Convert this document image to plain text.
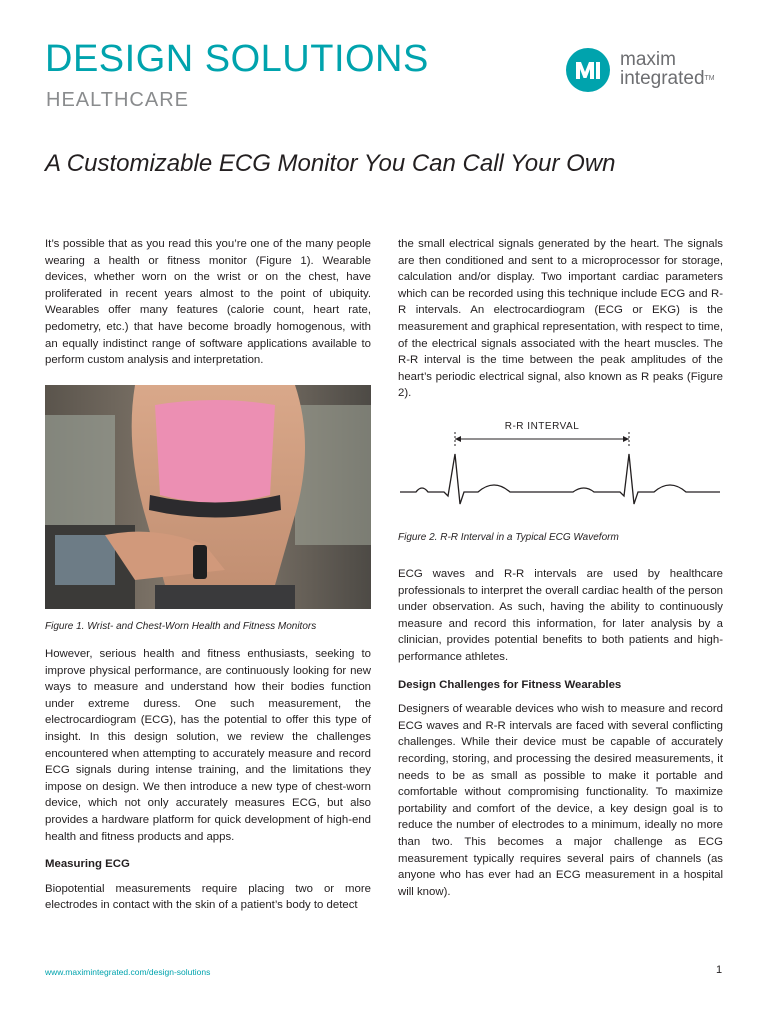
DESIGN SOLUTIONS
HEALTHCARE
maxim
integratedTM
A Customizable ECG Monitor You Can Call Your Own

It’s possible that as you read this you’re one of the many people wearing a health or fitness monitor (Figure 1). Wearable devices, whether worn on the wrist or on the chest, have proliferated in recent years almost to the point of ubiquity. Wearables offer many features (calorie count, heart rate, pedometry, etc.) that have become broadly homogenous, with an equally indistinct range of software applications available to perform custom analysis and interpretation.

Figure 1. Wrist- and Chest-Worn Health and Fitness Monitors

However, serious health and fitness enthusiasts, seeking to improve physical performance, are continuously looking for new ways to measure and understand how their bodies function under extreme duress. One such measurement, the electrocardiogram (ECG), has the potential to offer this type of insight. In this design solution, we review the challenges encountered when attempting to accurately measure and record ECG signals during intense training, and the limitations they impose on design. We then introduce a new type of chest-worn device, which not only accurately measures ECG, but also provides a hardware platform for quick development of high-end health and fitness products and apps.

Measuring ECG

Biopotential measurements require placing two or more electrodes in contact with the skin of a patient’s body to detect

the small electrical signals generated by the heart. The signals are then conditioned and sent to a microprocessor for storage, calculation and/or display. Two important cardiac parameters which can be recorded using this technique include ECG and R-R intervals. An electrocardiogram (ECG or EKG) is the measurement and graphical representation, with respect to time, of the electrical signals associated with the heart muscles. The R-R interval is the time between the peak amplitudes of the heart’s periodic electrical signal, also known as R peaks (Figure 2).

R-R INTERVAL
Figure 2. R-R Interval in a Typical ECG Waveform

ECG waves and R-R intervals are used by healthcare professionals to interpret the overall cardiac health of the person under observation. As such, having the ability to continuously measure and record this information, for later analysis by a clinician, provides potential benefits to both patients and high-performance athletes.

Design Challenges for Fitness Wearables

Designers of wearable devices who wish to measure and record ECG waves and R-R intervals are faced with several conflicting challenges. While their device must be capable of accurately recording, storing, and processing the desired measurements, it needs to be as small as possible to make it portable and comfortable without compromising functionality. To maximize portability and comfort of the device, a key design goal is to reduce the number of electrodes to a minimum, ideally no more than two. This becomes a major challenge as ECG measurement typically requires several pairs of channels (as anyone who has ever had an ECG measurement in a hospital will know).

www.maximintegrated.com/design-solutions	1
